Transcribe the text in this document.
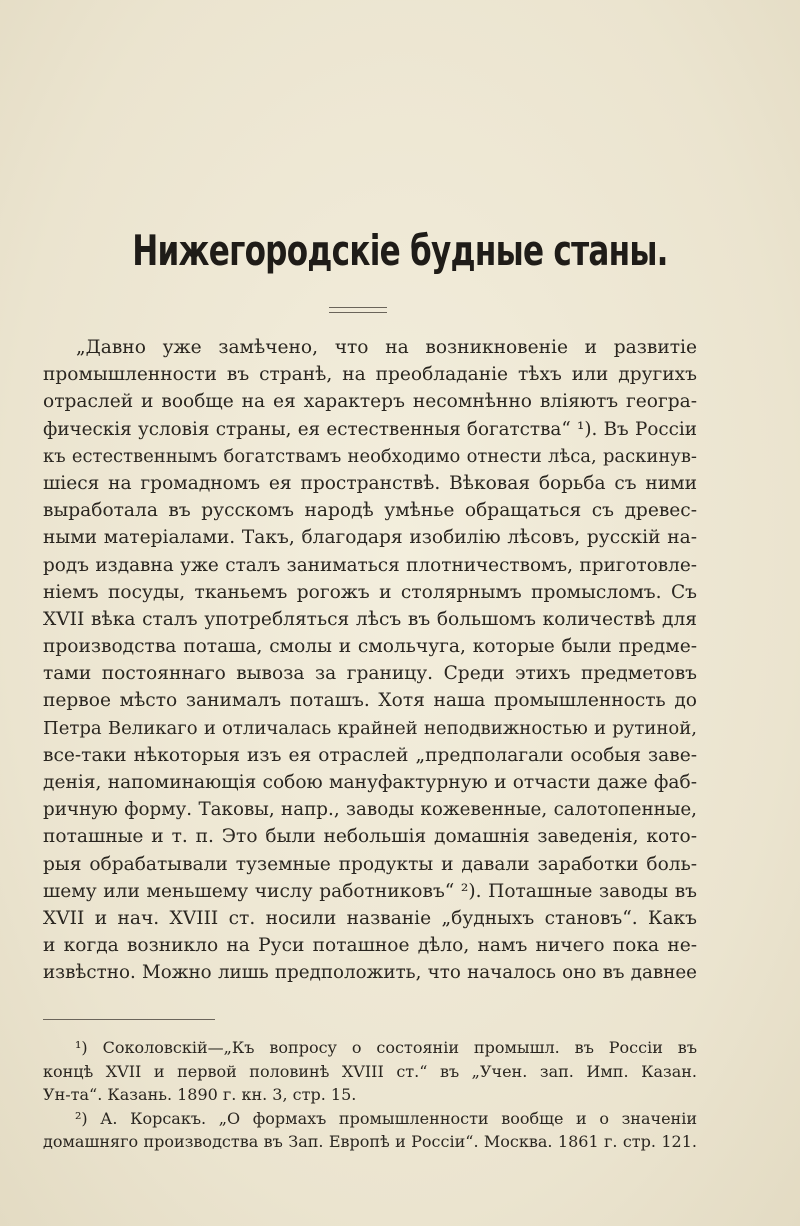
Нижегородскіе будные станы.
„Давно уже замѣчено, что на возникновеніе и развитіе
промышленности въ странѣ, на преобладаніе тѣхъ или другихъ
отраслей и вообще на ея характеръ несомнѣнно вліяютъ геогра-
фическія условія страны, ея естественныя богатства“ ¹). Въ Россіи
къ естественнымъ богатствамъ необходимо отнести лѣса, раскинув-
шіеся на громадномъ ея пространствѣ. Вѣковая борьба съ ними
выработала въ русскомъ народѣ умѣнье обращаться съ древес-
ными матеріалами. Такъ, благодаря изобилію лѣсовъ, русскій на-
родъ издавна уже сталъ заниматься плотничествомъ, приготовле-
ніемъ посуды, тканьемъ рогожъ и столярнымъ промысломъ. Съ
XVII вѣка сталъ употребляться лѣсъ въ большомъ количествѣ для
производства поташа, смолы и смольчуга, которые были предме-
тами постояннаго вывоза за границу. Среди этихъ предметовъ
первое мѣсто занималъ поташъ. Хотя наша промышленность до
Петра Великаго и отличалась крайней неподвижностью и рутиной,
все-таки нѣкоторыя изъ ея отраслей „предполагали особыя заве-
денія, напоминающія собою мануфактурную и отчасти даже фаб-
ричную форму. Таковы, напр., заводы кожевенные, салотопенные,
поташные и т. п. Это были небольшія домашнія заведенія, кото-
рыя обрабатывали туземные продукты и давали заработки боль-
шему или меньшему числу работниковъ“ ²). Поташные заводы въ
XVII и нач. XVIII ст. носили названіе „будныхъ становъ“. Какъ
и когда возникло на Руси поташное дѣло, намъ ничего пока не-
извѣстно. Можно лишь предположить, что началось оно въ давнее
¹) Соколовскій—„Къ вопросу о состояніи промышл. въ Россіи въ
концѣ XVII и первой половинѣ XVIII ст.“ въ „Учен. зап. Имп. Казан.
Ун-та“. Казань. 1890 г. кн. 3, стр. 15.
²) А. Корсакъ. „О формахъ промышленности вообще и о значеніи
домашняго производства въ Зап. Европѣ и Россіи“. Москва. 1861 г. стр. 121.
